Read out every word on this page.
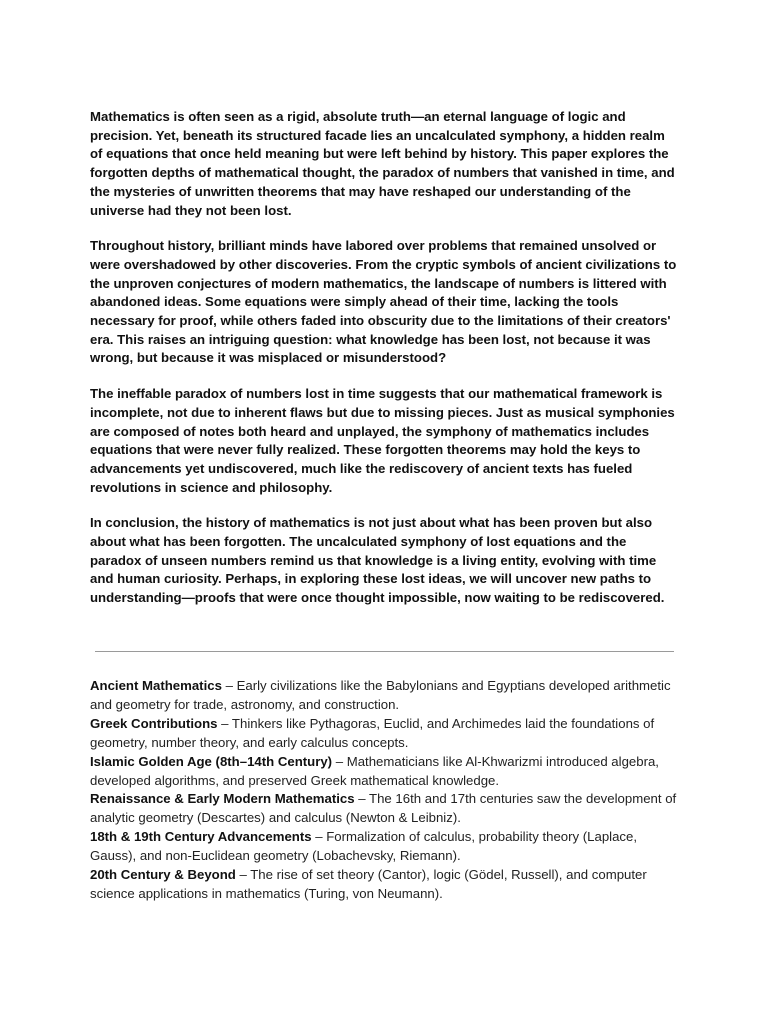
Mathematics is often seen as a rigid, absolute truth—an eternal language of logic and precision. Yet, beneath its structured facade lies an uncalculated symphony, a hidden realm of equations that once held meaning but were left behind by history. This paper explores the forgotten depths of mathematical thought, the paradox of numbers that vanished in time, and the mysteries of unwritten theorems that may have reshaped our understanding of the universe had they not been lost.

Throughout history, brilliant minds have labored over problems that remained unsolved or were overshadowed by other discoveries. From the cryptic symbols of ancient civilizations to the unproven conjectures of modern mathematics, the landscape of numbers is littered with abandoned ideas. Some equations were simply ahead of their time, lacking the tools necessary for proof, while others faded into obscurity due to the limitations of their creators' era. This raises an intriguing question: what knowledge has been lost, not because it was wrong, but because it was misplaced or misunderstood?

The ineffable paradox of numbers lost in time suggests that our mathematical framework is incomplete, not due to inherent flaws but due to missing pieces. Just as musical symphonies are composed of notes both heard and unplayed, the symphony of mathematics includes equations that were never fully realized. These forgotten theorems may hold the keys to advancements yet undiscovered, much like the rediscovery of ancient texts has fueled revolutions in science and philosophy.

In conclusion, the history of mathematics is not just about what has been proven but also about what has been forgotten. The uncalculated symphony of lost equations and the paradox of unseen numbers remind us that knowledge is a living entity, evolving with time and human curiosity. Perhaps, in exploring these lost ideas, we will uncover new paths to understanding—proofs that were once thought impossible, now waiting to be rediscovered.

Ancient Mathematics – Early civilizations like the Babylonians and Egyptians developed arithmetic and geometry for trade, astronomy, and construction.
Greek Contributions – Thinkers like Pythagoras, Euclid, and Archimedes laid the foundations of geometry, number theory, and early calculus concepts.
Islamic Golden Age (8th–14th Century) – Mathematicians like Al-Khwarizmi introduced algebra, developed algorithms, and preserved Greek mathematical knowledge.
Renaissance & Early Modern Mathematics – The 16th and 17th centuries saw the development of analytic geometry (Descartes) and calculus (Newton & Leibniz).
18th & 19th Century Advancements – Formalization of calculus, probability theory (Laplace, Gauss), and non-Euclidean geometry (Lobachevsky, Riemann).
20th Century & Beyond – The rise of set theory (Cantor), logic (Gödel, Russell), and computer science applications in mathematics (Turing, von Neumann).
